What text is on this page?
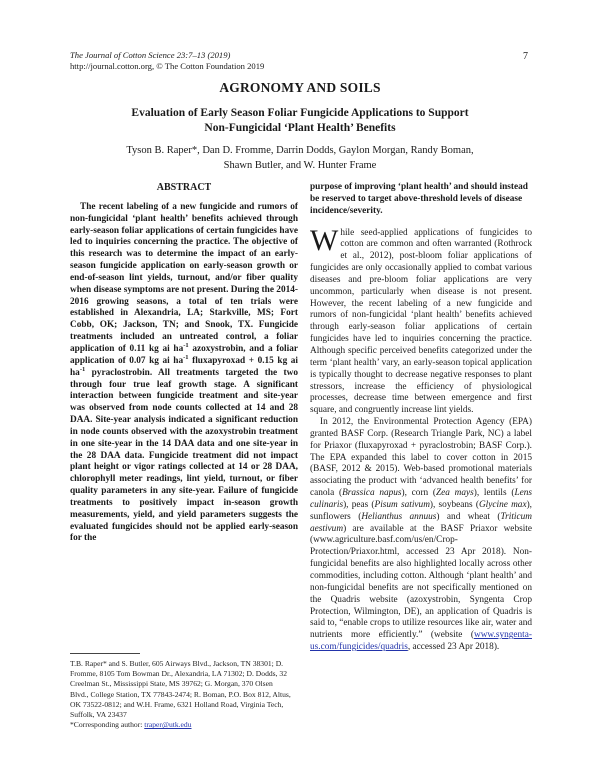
The Journal of Cotton Science 23:7–13 (2019)
http://journal.cotton.org, © The Cotton Foundation 2019
7
AGRONOMY AND SOILS
Evaluation of Early Season Foliar Fungicide Applications to Support
Non-Fungicidal ‘Plant Health’ Benefits
Tyson B. Raper*, Dan D. Fromme, Darrin Dodds, Gaylon Morgan, Randy Boman,
Shawn Butler, and W. Hunter Frame
ABSTRACT

The recent labeling of a new fungicide and rumors of non-fungicidal ‘plant health’ benefits achieved through early-season foliar applications of certain fungicides have led to inquiries concerning the practice. The objective of this research was to determine the impact of an early-season fungicide application on early-season growth or end-of-season lint yields, turnout, and/or fiber quality when disease symptoms are not present. During the 2014-2016 growing seasons, a total of ten trials were established in Alexandria, LA; Starkville, MS; Fort Cobb, OK; Jackson, TN; and Snook, TX. Fungicide treatments included an untreated control, a foliar application of 0.11 kg ai $ha^{-1}$ azoxystrobin, and a foliar application of 0.07 kg ai $ha^{-1}$ fluxapyroxad + 0.15 kg ai $ha^{-1}$ pyraclostrobin. All treatments targeted the two through four true leaf growth stage. A significant interaction between fungicide treatment and site-year was observed from node counts collected at 14 and 28 DAA. Site-year analysis indicated a significant reduction in node counts observed with the azoxystrobin treatment in one site-year in the 14 DAA data and one site-year in the 28 DAA data. Fungicide treatment did not impact plant height or vigor ratings collected at 14 or 28 DAA, chlorophyll meter readings, lint yield, turnout, or fiber quality parameters in any site-year. Failure of fungicide treatments to positively impact in-season growth measurements, yield, and yield parameters suggests the evaluated fungicides should not be applied early-season for the

purpose of improving ‘plant health’ and should instead be reserved to target above-threshold levels of disease incidence/severity.

While seed-applied applications of fungicides to cotton are common and often warranted (Rothrock et al., 2012), post-bloom foliar applications of fungicides are only occasionally applied to combat various diseases and pre-bloom foliar applications are very uncommon, particularly when disease is not present. However, the recent labeling of a new fungicide and rumors of non-fungicidal ‘plant health’ benefits achieved through early-season foliar applications of certain fungicides have led to inquiries concerning the practice. Although specific perceived benefits categorized under the term ‘plant health’ vary, an early-season topical application is typically thought to decrease negative responses to plant stressors, increase the efficiency of physiological processes, decrease time between emergence and first square, and congruently increase lint yields.

In 2012, the Environmental Protection Agency (EPA) granted BASF Corp. (Research Triangle Park, NC) a label for Priaxor (fluxapyroxad + pyraclostrobin; BASF Corp.). The EPA expanded this label to cover cotton in 2015 (BASF, 2012 & 2015). Web-based promotional materials associating the product with ‘advanced health benefits’ for canola (Brassica napus), corn (Zea mays), lentils (Lens culinaris), peas (Pisum sativum), soybeans (Glycine max), sunflowers (Helianthus annuus) and wheat (Triticum aestivum) are available at the BASF Priaxor website (www.agriculture.basf.com/us/en/Crop-Protection/Priaxor.html, accessed 23 Apr 2018). Non-fungicidal benefits are also highlighted locally across other commodities, including cotton. Although ‘plant health’ and non-fungicidal benefits are not specifically mentioned on the Quadris website (azoxystrobin, Syngenta Crop Protection, Wilmington, DE), an application of Quadris is said to, “enable crops to utilize resources like air, water and nutrients more efficiently.” (website (www.syngenta-us.com/fungicides/quadris, accessed 23 Apr 2018).

T.B. Raper* and S. Butler, 605 Airways Blvd., Jackson, TN 38301; D. Fromme, 8105 Tom Bowman Dr., Alexandria, LA 71302; D. Dodds, 32 Creelman St., Mississippi State, MS 39762; G. Morgan, 370 Olsen Blvd., College Station, TX 77843-2474; R. Boman, P.O. Box 812, Altus, OK 73522-0812; and W.H. Frame, 6321 Holland Road, Virginia Tech, Suffolk, VA 23437

*Corresponding author: traper@utk.edu
